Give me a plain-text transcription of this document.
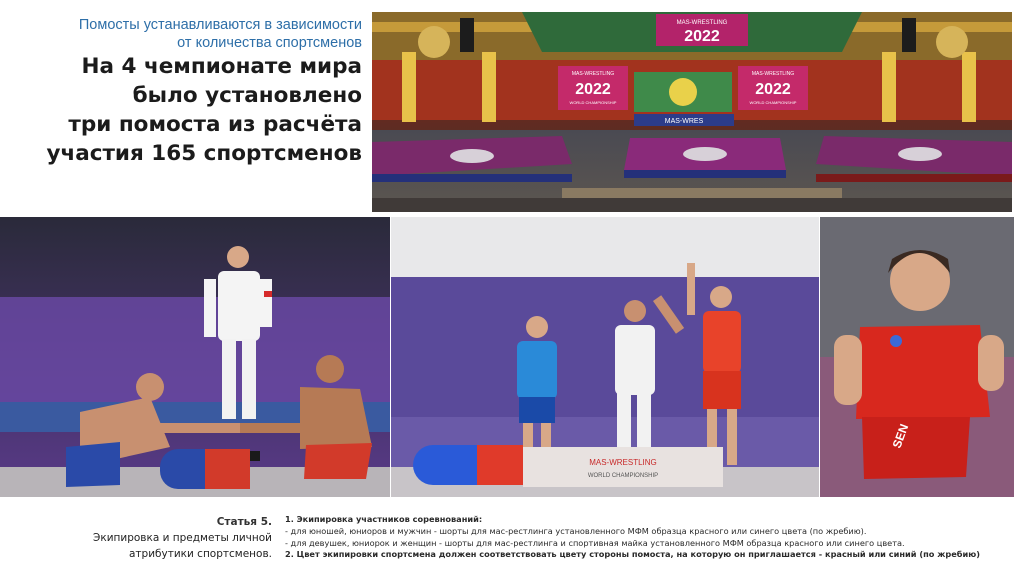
Помосты устанавливаются в зависимости
от количества спортсменов
На 4 чемпионате мира
было установлено
три помоста из расчёта
участия 165 спортсменов
MAS-WRESTLING
2022
MAS-WRESTLING
2022
WORLD CHAMPIONSHIP
MAS-WRESTLING
2022
WORLD CHAMPIONSHIP
MAS-WRES
MAS-WRESTLING
WORLD CHAMPIONSHIP
SEN
Статья 5.
Экипировка и предметы личной
атрибутики спортсменов.
1. Экипировка участников соревнований:
- для юношей, юниоров и мужчин - шорты для мас-рестлинга установленного МФМ образца красного или синего цвета (по жребию).
- для девушек, юниорок и женщин - шорты для мас-рестлинга и спортивная майка установленного МФМ образца красного или синего цвета.
2. Цвет экипировки спортсмена должен соответствовать цвету стороны помоста, на которую он приглашается - красный или синий (по жребию)
